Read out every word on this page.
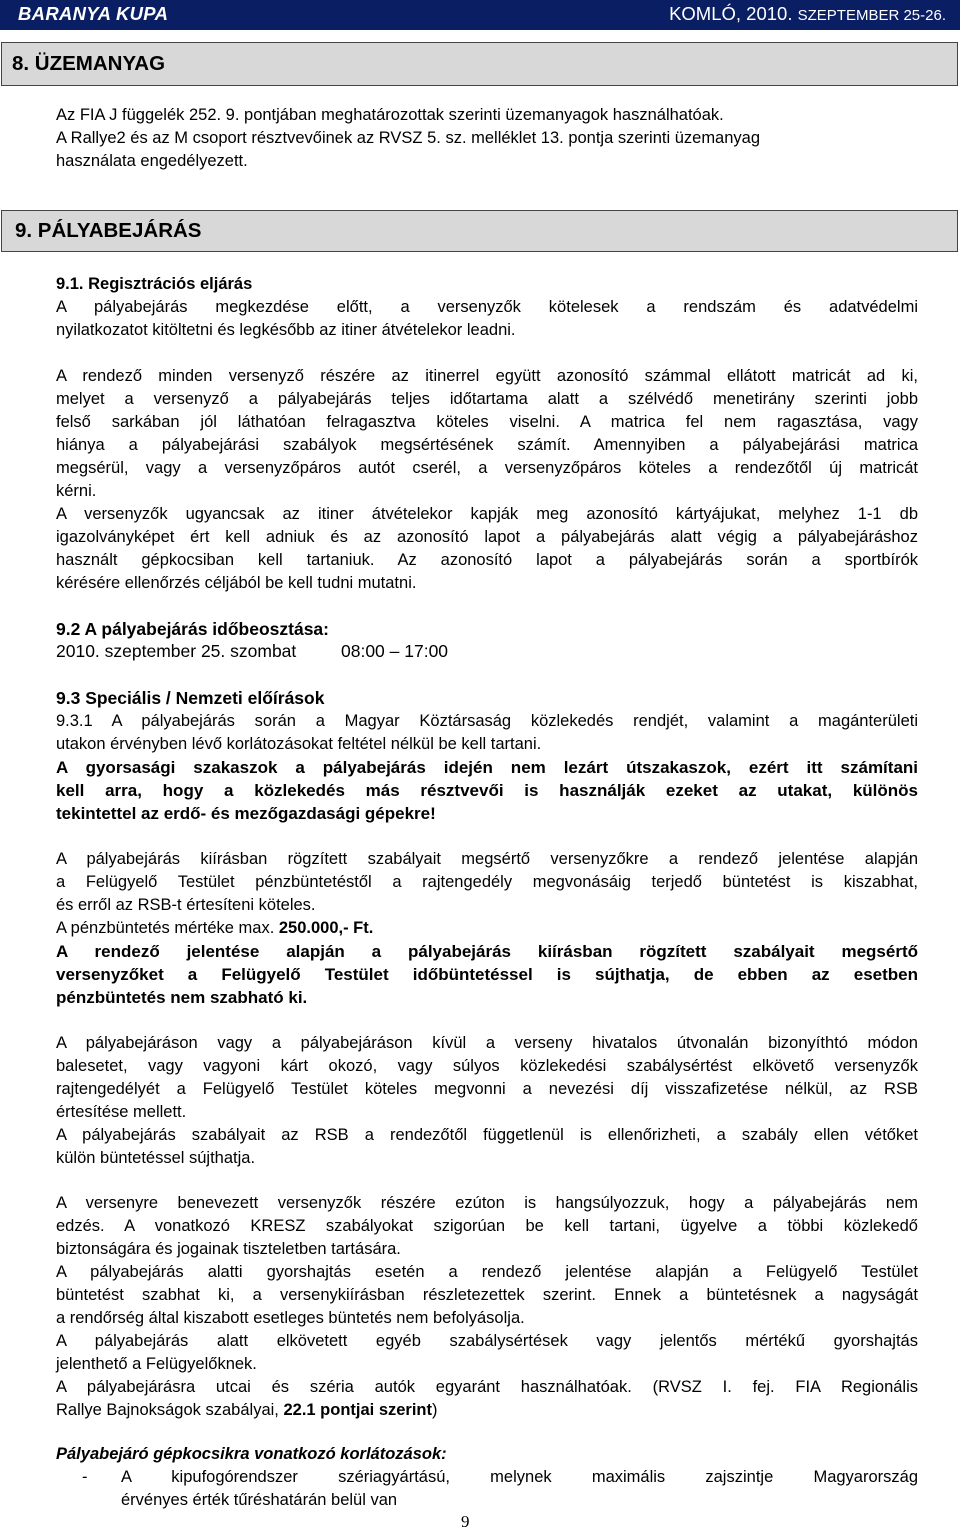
BARANYA KUPA	KOMLÓ, 2010. SZEPTEMBER 25-26.
8. ÜZEMANYAG
Az FIA J függelék 252. 9. pontjában meghatározottak szerinti üzemanyagok használhatóak.
A Rallye2 és az M csoport résztvevőinek az RVSZ 5. sz. melléklet 13. pontja szerinti üzemanyag
használata engedélyezett.
9. PÁLYABEJÁRÁS
9.1. Regisztrációs eljárás
A pályabejárás megkezdése előtt, a versenyzők kötelesek a rendszám és adatvédelmi
nyilatkozatot kitöltetni és legkésőbb az itiner átvételekor leadni.
A rendező minden versenyző részére az itinerrel együtt azonosító számmal ellátott matricát ad ki,
melyet a versenyző a pályabejárás teljes időtartama alatt a szélvédő menetirány szerinti jobb
felső sarkában jól láthatóan felragasztva köteles viselni. A matrica fel nem ragasztása, vagy
hiánya a pályabejárási szabályok megsértésének számít. Amennyiben a pályabejárási matrica
megsérül, vagy a versenyzőpáros autót cserél, a versenyzőpáros köteles a rendezőtől új matricát
kérni.
A versenyzők ugyancsak az itiner átvételekor kapják meg azonosító kártyájukat, melyhez 1-1 db
igazolványképet ért kell adniuk és az azonosító lapot a pályabejárás alatt végig a pályabejáráshoz
használt gépkocsiban kell tartaniuk. Az azonosító lapot a pályabejárás során a sportbírók
kérésére ellenőrzés céljából be kell tudni mutatni.
9.2 A pályabejárás időbeosztása:
2010. szeptember 25. szombat	08:00 – 17:00
9.3 Speciális / Nemzeti előírások
9.3.1 A pályabejárás során a Magyar Köztársaság közlekedés rendjét, valamint a magánterületi
utakon érvényben lévő korlátozásokat feltétel nélkül be kell tartani.
A gyorsasági szakaszok a pályabejárás idején nem lezárt útszakaszok, ezért itt számítani
kell arra, hogy a közlekedés más résztvevői is használják ezeket az utakat, különös
tekintettel az erdő- és mezőgazdasági gépekre!
A pályabejárás kiírásban rögzített szabályait megsértő versenyzőkre a rendező jelentése alapján
a Felügyelő Testület pénzbüntetéstől a rajtengedély megvonásáig terjedő büntetést is kiszabhat,
és erről az RSB-t értesíteni köteles.
A pénzbüntetés mértéke max. 250.000,- Ft.
A rendező jelentése alapján a pályabejárás kiírásban rögzített szabályait megsértő
versenyzőket a Felügyelő Testület időbüntetéssel is sújthatja, de ebben az esetben
pénzbüntetés nem szabható ki.
A pályabejáráson vagy a pályabejáráson kívül a verseny hivatalos útvonalán bizonyíthtó módon
balesetet, vagy vagyoni kárt okozó, vagy súlyos közlekedési szabálysértést elkövető versenyzők
rajtengedélyét a Felügyelő Testület köteles megvonni a nevezési díj visszafizetése nélkül, az RSB
értesítése mellett.
A pályabejárás szabályait az RSB a rendezőtől függetlenül is ellenőrizheti, a szabály ellen vétőket
külön büntetéssel sújthatja.
A versenyre benevezett versenyzők részére ezúton is hangsúlyozzuk, hogy a pályabejárás nem
edzés. A vonatkozó KRESZ szabályokat szigorúan be kell tartani, ügyelve a többi közlekedő
biztonságára és jogainak tiszteletben tartására.
A pályabejárás alatti gyorshajtás esetén a rendező jelentése alapján a Felügyelő Testület
büntetést szabhat ki, a versenykiírásban részletezettek szerint. Ennek a büntetésnek a nagyságát
a rendőrség által kiszabott esetleges büntetés nem befolyásolja.
A pályabejárás alatt elkövetett egyéb szabálysértések vagy jelentős mértékű gyorshajtás
jelenthető a Felügyelőknek.
A pályabejárásra utcai és széria autók egyaránt használhatóak. (RVSZ I. fej. FIA Regionális
Rallye Bajnokságok szabályai, 22.1 pontjai szerint)
Pályabejáró gépkocsikra vonatkozó korlátozások:
- A kipufogórendszer szériagyártású, melynek maximális zajszintje Magyarország
érvényes érték tűréshatárán belül van
9
